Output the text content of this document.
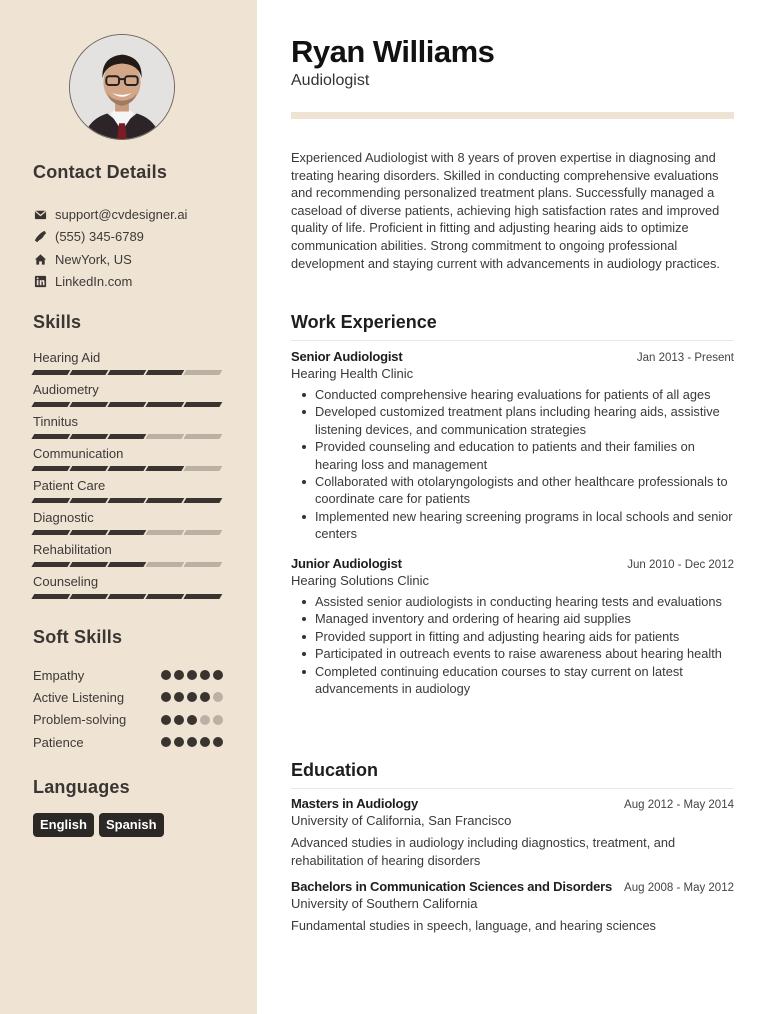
Contact Details
support@cvdesigner.ai
(555) 345-6789
NewYork, US
LinkedIn.com
Skills
Hearing Aid
Audiometry
Tinnitus
Communication
Patient Care
Diagnostic
Rehabilitation
Counseling
Soft Skills
Empathy
Active Listening
Problem-solving
Patience
Languages
English	Spanish
Ryan Williams
Audiologist

Experienced Audiologist with 8 years of proven expertise in diagnosing and treating hearing disorders. Skilled in conducting comprehensive evaluations and recommending personalized treatment plans. Successfully managed a caseload of diverse patients, achieving high satisfaction rates and improved quality of life. Proficient in fitting and adjusting hearing aids to optimize communication abilities. Strong commitment to ongoing professional development and staying current with advancements in audiology practices.

Work Experience
Senior Audiologist	Jan 2013 - Present
Hearing Health Clinic
Conducted comprehensive hearing evaluations for patients of all ages
Developed customized treatment plans including hearing aids, assistive listening devices, and communication strategies
Provided counseling and education to patients and their families on hearing loss and management
Collaborated with otolaryngologists and other healthcare professionals to coordinate care for patients
Implemented new hearing screening programs in local schools and senior centers
Junior Audiologist	Jun 2010 - Dec 2012
Hearing Solutions Clinic
Assisted senior audiologists in conducting hearing tests and evaluations
Managed inventory and ordering of hearing aid supplies
Provided support in fitting and adjusting hearing aids for patients
Participated in outreach events to raise awareness about hearing health
Completed continuing education courses to stay current on latest advancements in audiology
Education
Masters in Audiology	Aug 2012 - May 2014
University of California, San Francisco
Advanced studies in audiology including diagnostics, treatment, and rehabilitation of hearing disorders
Bachelors in Communication Sciences and Disorders Aug 2008 - May 2012
University of Southern California
Fundamental studies in speech, language, and hearing sciences
